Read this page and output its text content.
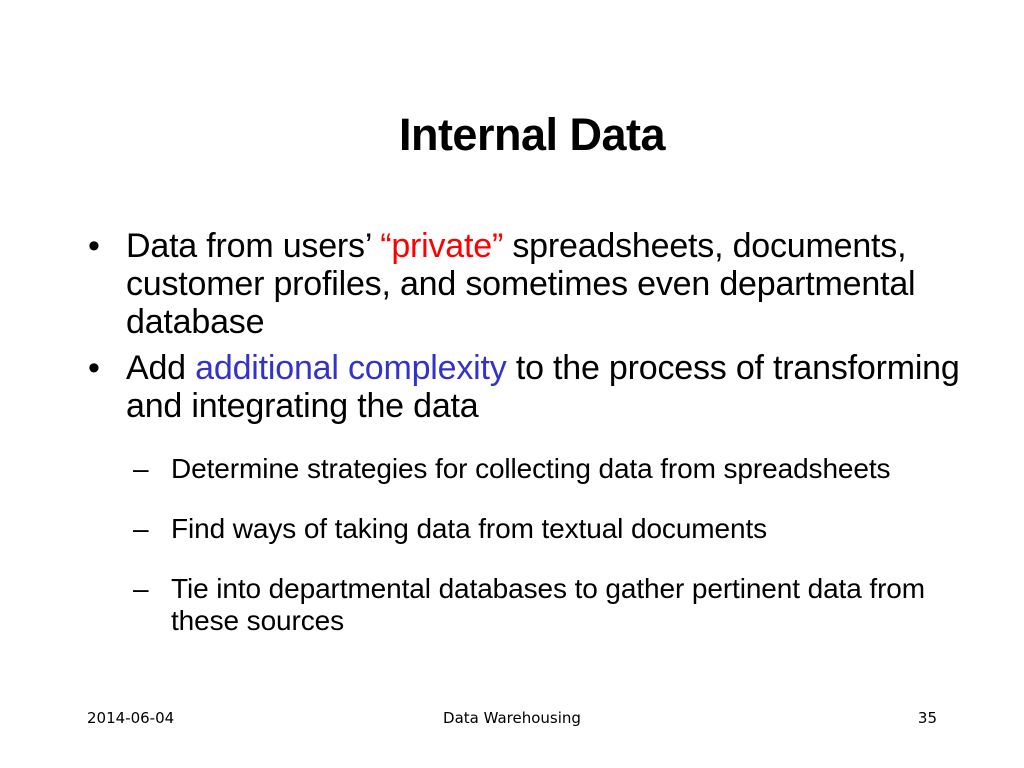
Internal Data

• Data from users’ “private” spreadsheets, documents, customer profiles, and sometimes even departmental database

• Add additional complexity to the process of transforming and integrating the data

– Determine strategies for collecting data from spreadsheets

– Find ways of taking data from textual documents

– Tie into departmental databases to gather pertinent data from these sources

2014-06-04	Data Warehousing	35
